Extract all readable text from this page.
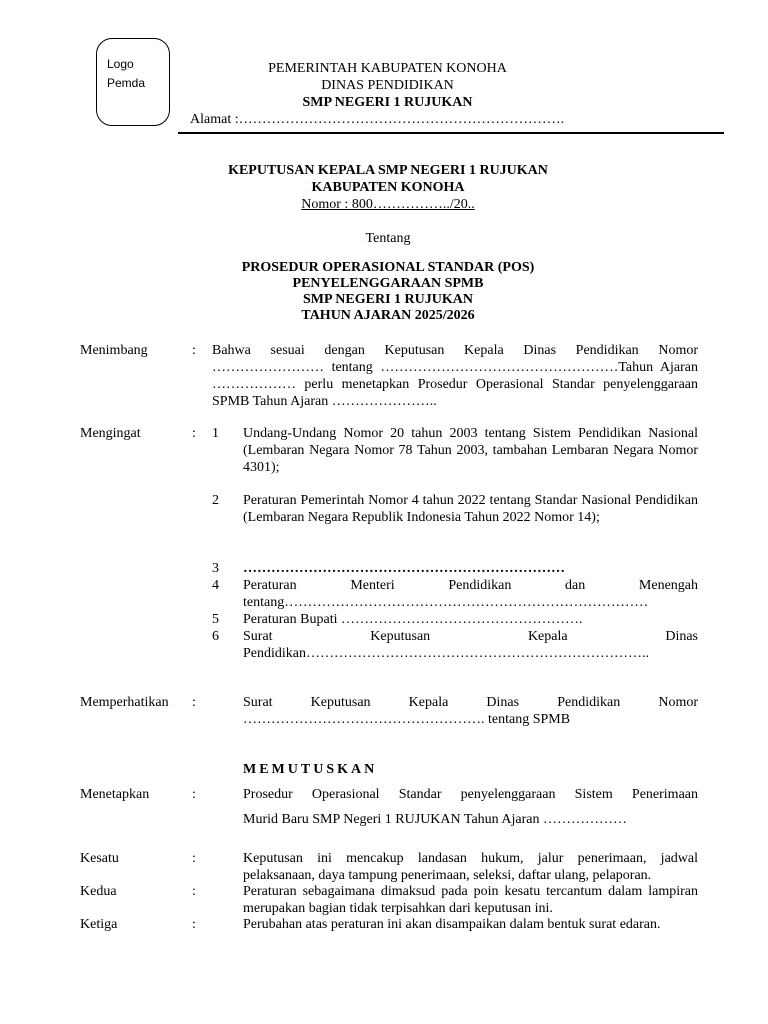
Logo
Pemda
PEMERINTAH KABUPATEN KONOHA
DINAS PENDIDIKAN
SMP NEGERI 1 RUJUKAN
Alamat :…………………………………………………………….
KEPUTUSAN KEPALA SMP NEGERI 1 RUJUKAN
KABUPATEN KONOHA
Nomor : 800……………../20..
Tentang
PROSEDUR OPERASIONAL STANDAR (POS)
PENYELENGGARAAN SPMB
SMP NEGERI 1 RUJUKAN
TAHUN AJARAN 2025/2026
Menimbang	: Bahwa sesuai dengan Keputusan Kepala Dinas Pendidikan Nomor …………………… tentang ……………………………………………Tahun Ajaran ……………… perlu menetapkan Prosedur Operasional Standar penyelenggaraan SPMB Tahun Ajaran …………………..
Mengingat	: 1 Undang-Undang Nomor 20 tahun 2003 tentang Sistem Pendidikan Nasional (Lembaran Negara Nomor 78 Tahun 2003, tambahan Lembaran Negara Nomor 4301);
2 Peraturan Pemerintah Nomor 4 tahun 2022 tentang Standar Nasional Pendidikan (Lembaran Negara Republik Indonesia Tahun 2022 Nomor 14);
3 ……………………………………………………………
4 Peraturan Menteri Pendidikan dan Menengah tentang……………………………………………………………………
5 Peraturan Bupati …………………………………………….
6 Surat Keputusan Kepala Dinas Pendidikan………………………………………………………………..
Memperhatikan :	Surat Keputusan Kepala Dinas Pendidikan Nomor ……………………………………………. tentang SPMB
MEMUTUSKAN
Menetapkan	:	Prosedur Operasional Standar penyelenggaraan Sistem Penerimaan
Murid Baru SMP Negeri 1 RUJUKAN Tahun Ajaran ………………
Kesatu	:	Keputusan ini mencakup landasan hukum, jalur penerimaan, jadwal pelaksanaan, daya tampung penerimaan, seleksi, daftar ulang, pelaporan.
Kedua	:	Peraturan sebagaimana dimaksud pada poin kesatu tercantum dalam lampiran merupakan bagian tidak terpisahkan dari keputusan ini.
Ketiga	:	Perubahan atas peraturan ini akan disampaikan dalam bentuk surat edaran.
